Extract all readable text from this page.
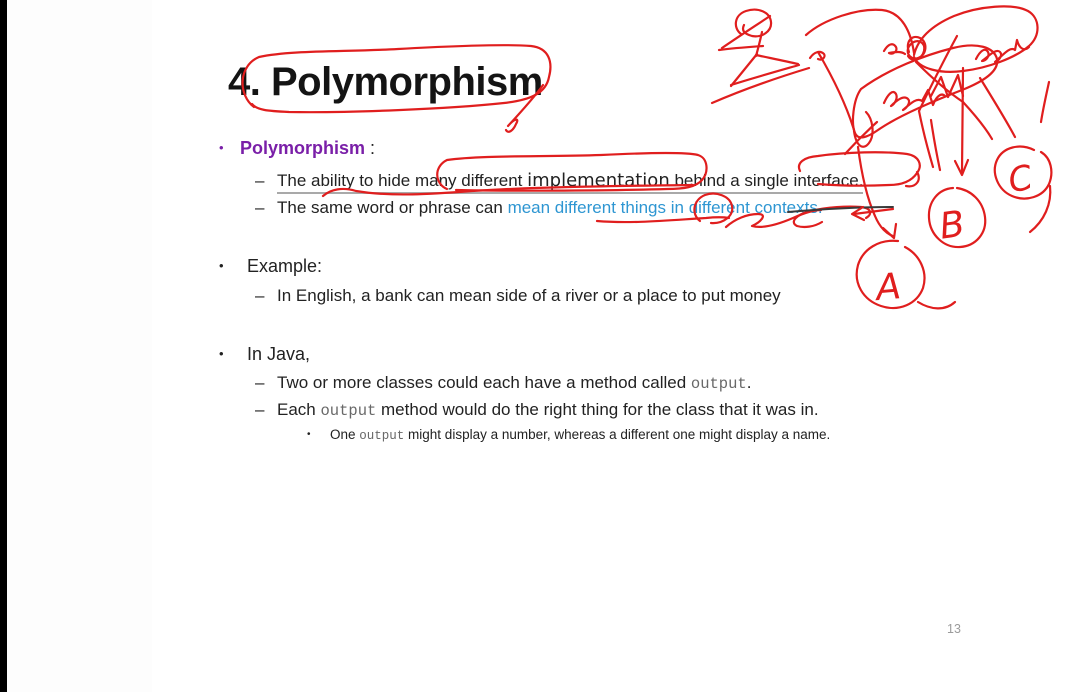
4. Polymorphism
• Polymorphism :
– The ability to hide many different implementation behind a single interface.
– The same word or phrase can mean different things in different contexts.
• Example:
– In English, a bank can mean side of a river or a place to put money
• In Java,
– Two or more classes could each have a method called output.
– Each output method would do the right thing for the class that it was in.
• One output might display a number, whereas a different one might display a name.
13
A
B
C
